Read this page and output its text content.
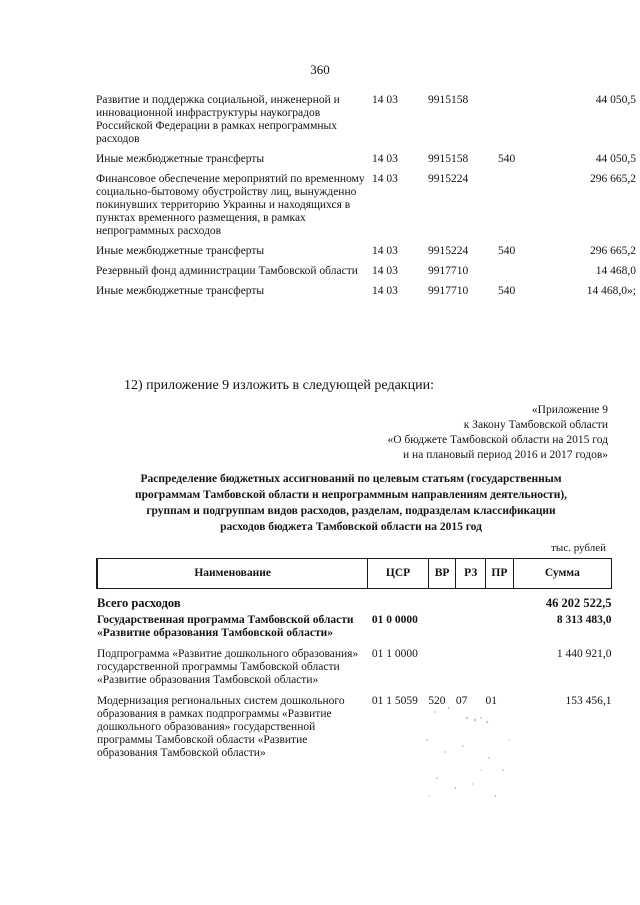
360
Развитие и поддержка социальной, инженерной и инновационной инфраструктуры наукоградов Российской Федерации в рамках непрограммных расходов	14 03	9915158		44 050,5
Иные межбюджетные трансферты	14 03	9915158	540	44 050,5
Финансовое обеспечение мероприятий по временному социально-бытовому обустройству лиц, вынужденно покинувших территорию Украины и находящихся в пунктах временного размещения, в рамках непрограммных расходов	14 03	9915224		296 665,2
Иные межбюджетные трансферты	14 03	9915224	540	296 665,2
Резервный фонд администрации Тамбовской области	14 03	9917710		14 468,0
Иные межбюджетные трансферты	14 03	9917710	540	14 468,0»;
12) приложение 9 изложить в следующей редакции:
«Приложение 9
к Закону Тамбовской области
«О бюджете Тамбовской области на 2015 год
и на плановый период 2016 и 2017 годов»
Распределение бюджетных ассигнований по целевым статьям (государственным
программам Тамбовской области и непрограммным направлениям деятельности),
группам и подгруппам видов расходов, разделам, подразделам классификации
расходов бюджета Тамбовской области на 2015 год
тыс. рублей
Наименование	ЦСР	ВР	РЗ	ПР	Сумма
Всего расходов					46 202 522,5
Государственная программа Тамбовской области «Развитие образования Тамбовской области»	01 0 0000				8 313 483,0
Подпрограмма «Развитие дошкольного образования» государственной программы Тамбовской области «Развитие образования Тамбовской области»	01 1 0000				1 440 921,0
Модернизация региональных систем дошкольного образования в рамках подпрограммы «Развитие дошкольного образования» государственной программы Тамбовской области «Развитие образования Тамбовской области»	01 1 5059	520	07	01	153 456,1
